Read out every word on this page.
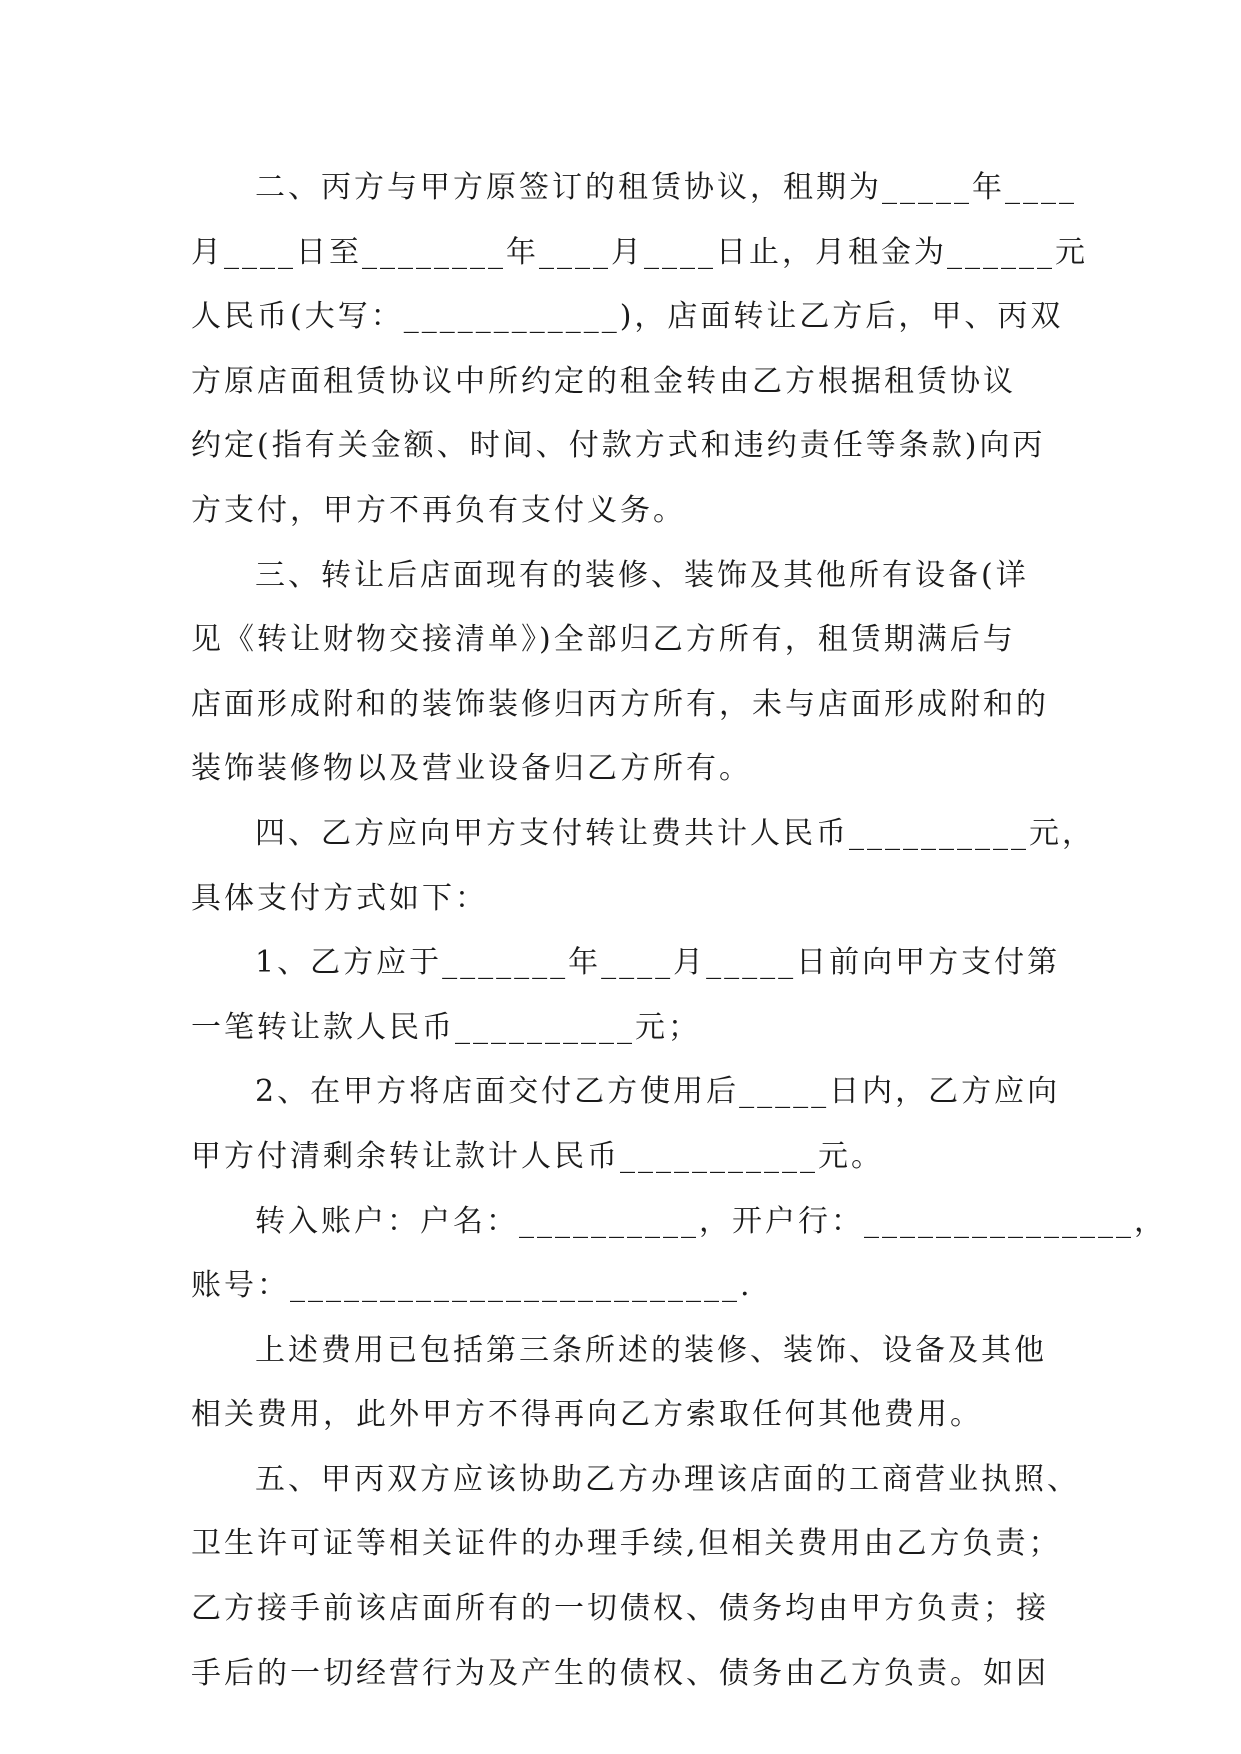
二、丙方与甲方原签订的租赁协议，租期为_____年____
月____日至________年____月____日止，月租金为______元
人民币(大写：____________)，店面转让乙方后，甲、丙双
方原店面租赁协议中所约定的租金转由乙方根据租赁协议
约定(指有关金额、时间、付款方式和违约责任等条款)向丙
方支付，甲方不再负有支付义务。
三、转让后店面现有的装修、装饰及其他所有设备(详
见《转让财物交接清单》)全部归乙方所有，租赁期满后与
店面形成附和的装饰装修归丙方所有，未与店面形成附和的
装饰装修物以及营业设备归乙方所有。
四、乙方应向甲方支付转让费共计人民币__________元，
具体支付方式如下：
1、乙方应于_______年____月_____日前向甲方支付第
一笔转让款人民币__________元；
2、在甲方将店面交付乙方使用后_____日内，乙方应向
甲方付清剩余转让款计人民币___________元。
转入账户：户名：__________，开户行：_______________，
账号：_________________________.
上述费用已包括第三条所述的装修、装饰、设备及其他
相关费用，此外甲方不得再向乙方索取任何其他费用。
五、甲丙双方应该协助乙方办理该店面的工商营业执照、
卫生许可证等相关证件的办理手续,但相关费用由乙方负责；
乙方接手前该店面所有的一切债权、债务均由甲方负责；接
手后的一切经营行为及产生的债权、债务由乙方负责。如因
